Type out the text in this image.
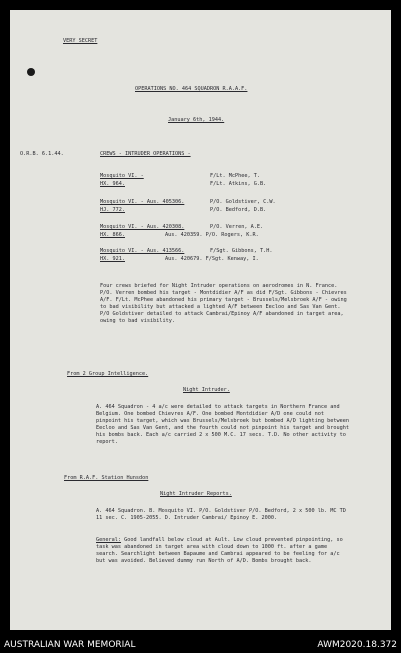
VERY SECRET
OPERATIONS NO. 464 SQUADRON R.A.A.F.
January 6th, 1944.
O.R.B. 6.1.44.	CREWS - INTRUDER OPERATIONS -
Mosquito VI. -	F/Lt. McPhee, T.
HX. 964.	F/Lt. Atkins, G.B.
Mosquito VI. - Aus. 405306.	P/O. Goldstiver, C.W.
HJ. 772.	P/O. Bedford, D.B.
Mosquito VI. - Aus. 420308.	P/O. Verren, A.E.
HX. 866.	Aus. 420359. P/O. Rogers, K.R.
Mosquito VI. - Aus. 413566.	F/Sgt. Gibbons, T.H.
HX. 921.	Aus. 420679. F/Sgt. Kenway, I.
Four crews briefed for Night Intruder operations on aerodromes in N. France. P/O. Verren bombed his target - Montdidier A/F as did F/Sgt. Gibbons - Chievres A/F. F/Lt. McPhee abandoned his primary target - Brussels/Melsbroek A/F - owing to bad visibility but attacked a lighted A/F between Eecloo and Sas Van Gent. P/O Goldstiver detailed to attack Cambrai/Epinoy A/F abandoned in target area, owing to bad visibility.
From 2 Group Intelligence.
Night Intruder.
A. 464 Squadron - 4 a/c were detailed to attack targets in Northern France and Belgium. One bombed Chievres A/F. One bombed Montdidier A/D one could not pinpoint his target, which was Brussels/Melsbroek but bombed A/D lighting between Eecloo and Sas Van Gent, and the fourth could not pinpoint his target and brought his bombs back. Each a/c carried 2 x 500 M.C. 17 secs. T.D. No other activity to report.
From R.A.F. Station Hunsdon
Night Intruder Reports.
A. 464 Squadron. B. Mosquito VI. P/O. Goldstiver P/O. Bedford, 2 x 500 lb. MC TD 11 sec. C. 1905-2055. D. Intruder Cambrai/ Epinoy E. 2000.
General: Good landfall below cloud at Ault. Low cloud prevented pinpointing, so task was abandoned in target area with cloud down to 1000 ft. after a game search. Searchlight between Bapaume and Cambrai appeared to be feeling for a/c but was avoided. Believed dummy run North of A/D. Bombs brought back.
AUSTRALIAN WAR MEMORIAL	AWM2020.18.372
